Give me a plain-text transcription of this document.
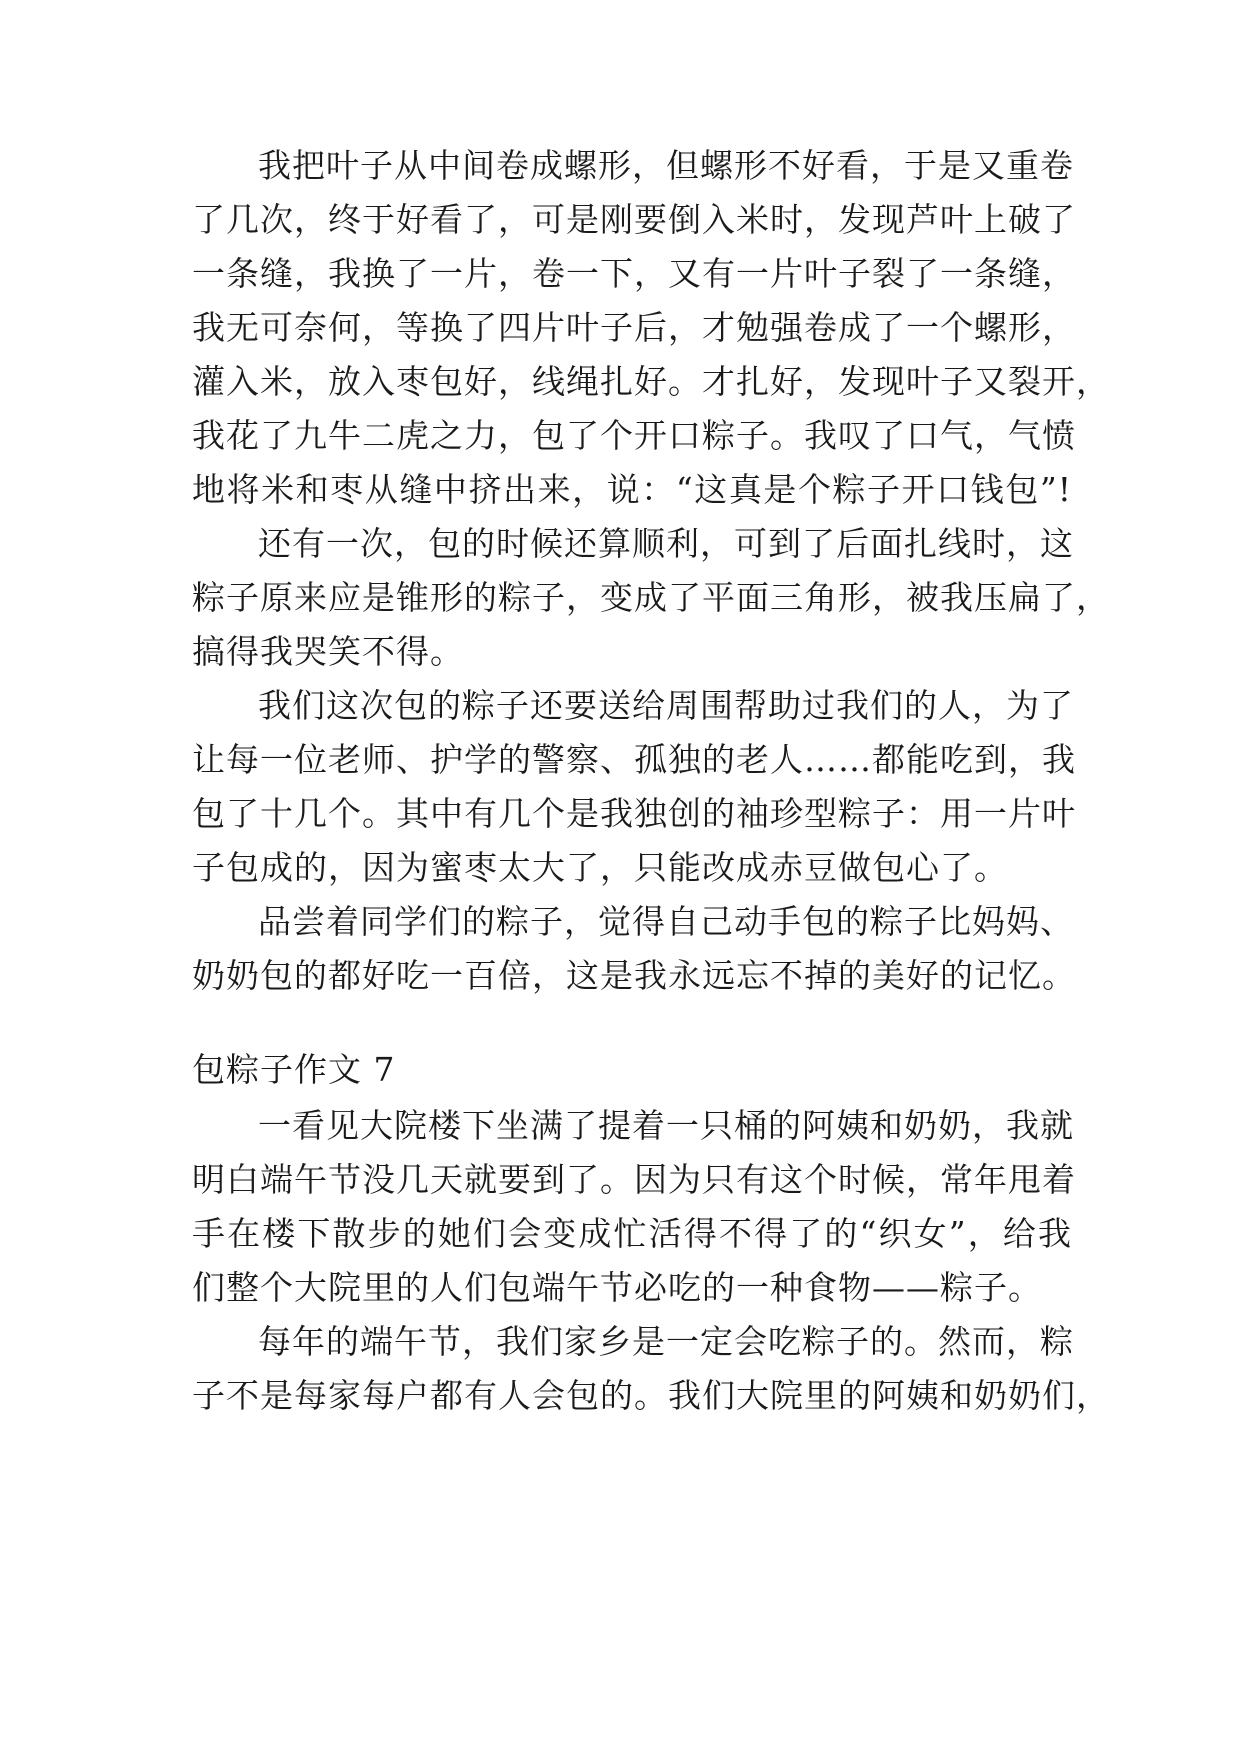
我把叶子从中间卷成螺形，但螺形不好看，于是又重卷
了几次，终于好看了，可是刚要倒入米时，发现芦叶上破了
一条缝，我换了一片，卷一下，又有一片叶子裂了一条缝，
我无可奈何，等换了四片叶子后，才勉强卷成了一个螺形，
灌入米，放入枣包好，线绳扎好。才扎好，发现叶子又裂开，
我花了九牛二虎之力，包了个开口粽子。我叹了口气，气愤
地将米和枣从缝中挤出来，说：“这真是个粽子开口钱包”!
还有一次，包的时候还算顺利，可到了后面扎线时，这
粽子原来应是锥形的粽子，变成了平面三角形，被我压扁了，
搞得我哭笑不得。
我们这次包的粽子还要送给周围帮助过我们的人，为了
让每一位老师、护学的警察、孤独的老人……都能吃到，我
包了十几个。其中有几个是我独创的袖珍型粽子：用一片叶
子包成的，因为蜜枣太大了，只能改成赤豆做包心了。
品尝着同学们的粽子，觉得自己动手包的粽子比妈妈、
奶奶包的都好吃一百倍，这是我永远忘不掉的美好的记忆。
包粽子作文 7
一看见大院楼下坐满了提着一只桶的阿姨和奶奶，我就
明白端午节没几天就要到了。因为只有这个时候，常年甩着
手在楼下散步的她们会变成忙活得不得了的“织女”，给我
们整个大院里的人们包端午节必吃的一种食物——粽子。
每年的端午节，我们家乡是一定会吃粽子的。然而，粽
子不是每家每户都有人会包的。我们大院里的阿姨和奶奶们，
